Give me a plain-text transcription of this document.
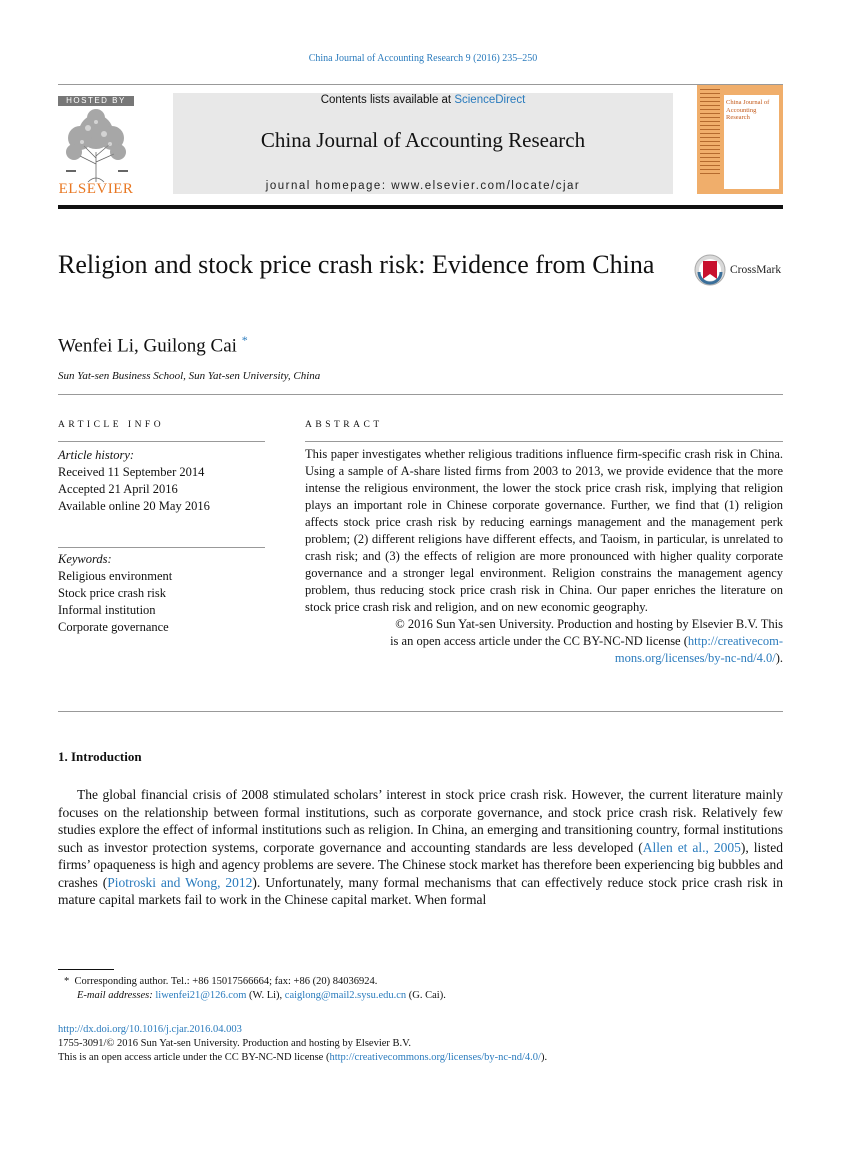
China Journal of Accounting Research 9 (2016) 235–250
HOSTED BY
ELSEVIER
Contents lists available at ScienceDirect
China Journal of Accounting Research
journal homepage: www.elsevier.com/locate/cjar
China Journal of Accounting Research
Religion and stock price crash risk: Evidence from China	CrossMark
Wenfei Li, Guilong Cai *
Sun Yat-sen Business School, Sun Yat-sen University, China
ARTICLE INFO
Article history:
Received 11 September 2014
Accepted 21 April 2016
Available online 20 May 2016
Keywords:
Religious environment
Stock price crash risk
Informal institution
Corporate governance
ABSTRACT
This paper investigates whether religious traditions influence firm-specific crash risk in China. Using a sample of A-share listed firms from 2003 to 2013, we provide evidence that the more intense the religious environment, the lower the stock price crash risk, implying that religion plays an important role in Chinese corporate governance. Further, we find that (1) religion affects stock price crash risk by reducing earnings management and the management perk problem; (2) different religions have different effects, and Taoism, in particular, is unrelated to crash risk; and (3) the effects of religion are more pronounced with higher quality corporate governance and a stronger legal environment. Religion constrains the management agency problem, thus reducing stock price crash risk in China. Our paper enriches the literature on stock price crash risk and religion, and on new economic geography.
© 2016 Sun Yat-sen University. Production and hosting by Elsevier B.V. This
is an open access article under the CC BY-NC-ND license (http://creativecom-
mons.org/licenses/by-nc-nd/4.0/).
1. Introduction
The global financial crisis of 2008 stimulated scholars’ interest in stock price crash risk. However, the current literature mainly focuses on the relationship between formal institutions, such as corporate governance, and stock price crash risk. Relatively few studies explore the effect of informal institutions such as religion. In China, an emerging and transitioning country, formal institutions such as investor protection systems, corporate governance and accounting standards are less developed (Allen et al., 2005), listed firms’ opaqueness is high and agency problems are severe. The Chinese stock market has therefore been experiencing big bubbles and crashes (Piotroski and Wong, 2012). Unfortunately, many formal mechanisms that can effectively reduce stock price crash risk in mature capital markets fail to work in the Chinese capital market. When formal
* Corresponding author. Tel.: +86 15017566664; fax: +86 (20) 84036924.
E-mail addresses: liwenfei21@126.com (W. Li), caiglong@mail2.sysu.edu.cn (G. Cai).
http://dx.doi.org/10.1016/j.cjar.2016.04.003
1755-3091/© 2016 Sun Yat-sen University. Production and hosting by Elsevier B.V.
This is an open access article under the CC BY-NC-ND license (http://creativecommons.org/licenses/by-nc-nd/4.0/).
